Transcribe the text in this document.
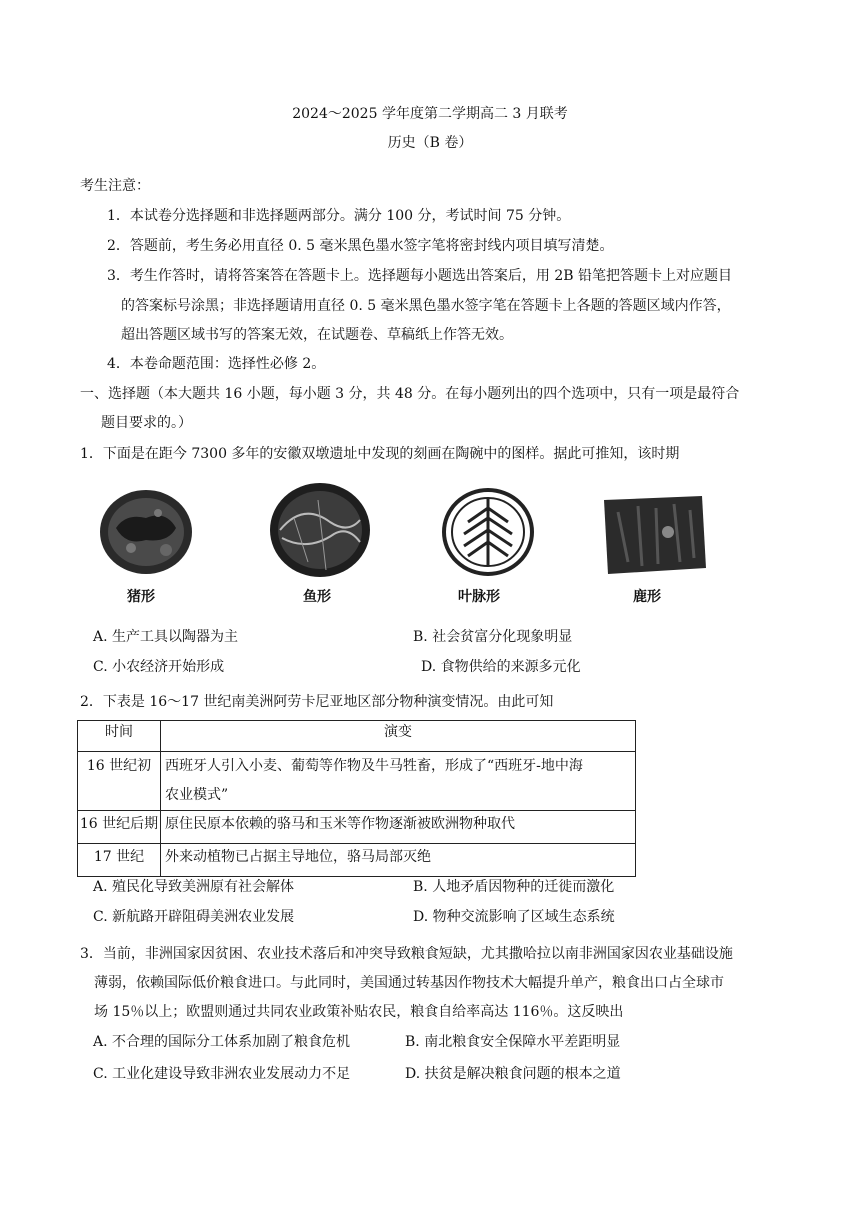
2024～2025 学年度第二学期高二 3 月联考
历史（B 卷）
考生注意：
1．本试卷分选择题和非选择题两部分。满分 100 分，考试时间 75 分钟。
2．答题前，考生务必用直径 0. 5 毫米黑色墨水签字笔将密封线内项目填写清楚。
3．考生作答时，请将答案答在答题卡上。选择题每小题选出答案后，用 2B 铅笔把答题卡上对应题目
的答案标号涂黑；非选择题请用直径 0. 5 毫米黑色墨水签字笔在答题卡上各题的答题区域内作答，
超出答题区域书写的答案无效，在试题卷、草稿纸上作答无效。
4．本卷命题范围：选择性必修 2。
一、选择题（本大题共 16 小题，每小题 3 分，共 48 分。在每小题列出的四个选项中，只有一项是最符合
题目要求的。）
1．下面是在距今 7300 多年的安徽双墩遗址中发现的刻画在陶碗中的图样。据此可推知，该时期
猪形	鱼形	叶脉形	鹿形
A. 生产工具以陶器为主	B. 社会贫富分化现象明显
C. 小农经济开始形成	D. 食物供给的来源多元化
2．下表是 16～17 世纪南美洲阿劳卡尼亚地区部分物种演变情况。由此可知
时间	演变
16 世纪初	西班牙人引入小麦、葡萄等作物及牛马牲畜，形成了“西班牙-地中海
农业模式”

16 世纪后期	原住民原本依赖的骆马和玉米等作物逐渐被欧洲物种取代
17 世纪	外来动植物已占据主导地位，骆马局部灭绝
A. 殖民化导致美洲原有社会解体	B. 人地矛盾因物种的迁徙而激化
C. 新航路开辟阻碍美洲农业发展	D. 物种交流影响了区域生态系统
3．当前，非洲国家因贫困、农业技术落后和冲突导致粮食短缺，尤其撒哈拉以南非洲国家因农业基础设施
薄弱，依赖国际低价粮食进口。与此同时，美国通过转基因作物技术大幅提升单产，粮食出口占全球市
场 15％以上；欧盟则通过共同农业政策补贴农民，粮食自给率高达 116％。这反映出
A. 不合理的国际分工体系加剧了粮食危机	B. 南北粮食安全保障水平差距明显
C. 工业化建设导致非洲农业发展动力不足	D. 扶贫是解决粮食问题的根本之道
